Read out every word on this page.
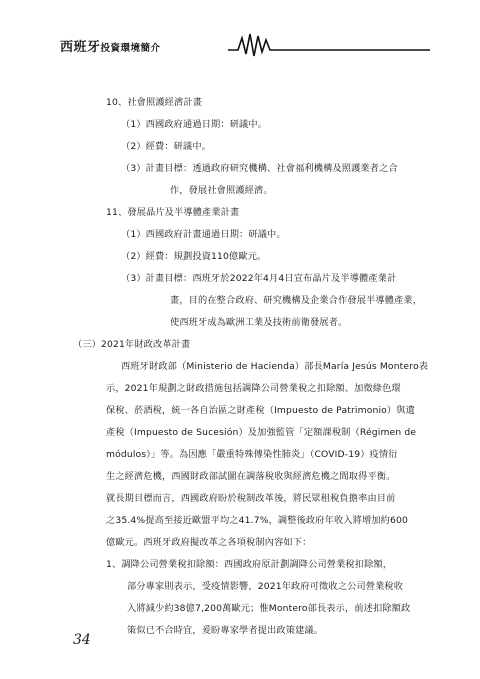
西班牙投資環境簡介
10、社會照護經濟計畫
（1）西國政府通過日期：研議中。
（2）經費：研議中。
（3）計畫目標：透過政府研究機構、社會福利機構及照護業者之合
作，發展社會照護經濟。
11、發展晶片及半導體產業計畫
（1）西國政府計畫通過日期：研議中。
（2）經費：規劃投資110億歐元。
（3）計畫目標：西班牙於2022年4月4日宣布晶片及半導體產業計
畫，目的在整合政府、研究機構及企業合作發展半導體產業，
使西班牙成為歐洲工業及技術前衛發展者。
（三）2021年財政改革計畫
西班牙財政部（Ministerio de Hacienda）部長María Jesús Montero表
示，2021年規劃之財政措施包括調降公司營業稅之扣除額、加徵綠色環
保稅、菸酒稅，統一各自治區之財產稅（Impuesto de Patrimonio）與遺
產稅（Impuesto de Sucesión）及加強監管「定額課稅制（Régimen de
módulos）」等。為因應「嚴重特殊傳染性肺炎」（COVID-19）疫情衍
生之經濟危機，西國財政部試圖在調落稅收與經濟危機之間取得平衡。
就長期目標而言，西國政府盼於稅制改革後，將民眾租稅負擔率由目前
之35.4%提高至接近歐盟平均之41.7%，調整後政府年收入將增加約600
億歐元。西班牙政府擬改革之各項稅制內容如下：
1、調降公司營業稅扣除額：西國政府原計劃調降公司營業稅扣除額，
部分專家則表示，受疫情影響，2021年政府可徵收之公司營業稅收
入將減少約38億7,200萬歐元；惟Montero部長表示，前述扣除額政
策似已不合時宜，爰盼專家學者提出政策建議。
34
